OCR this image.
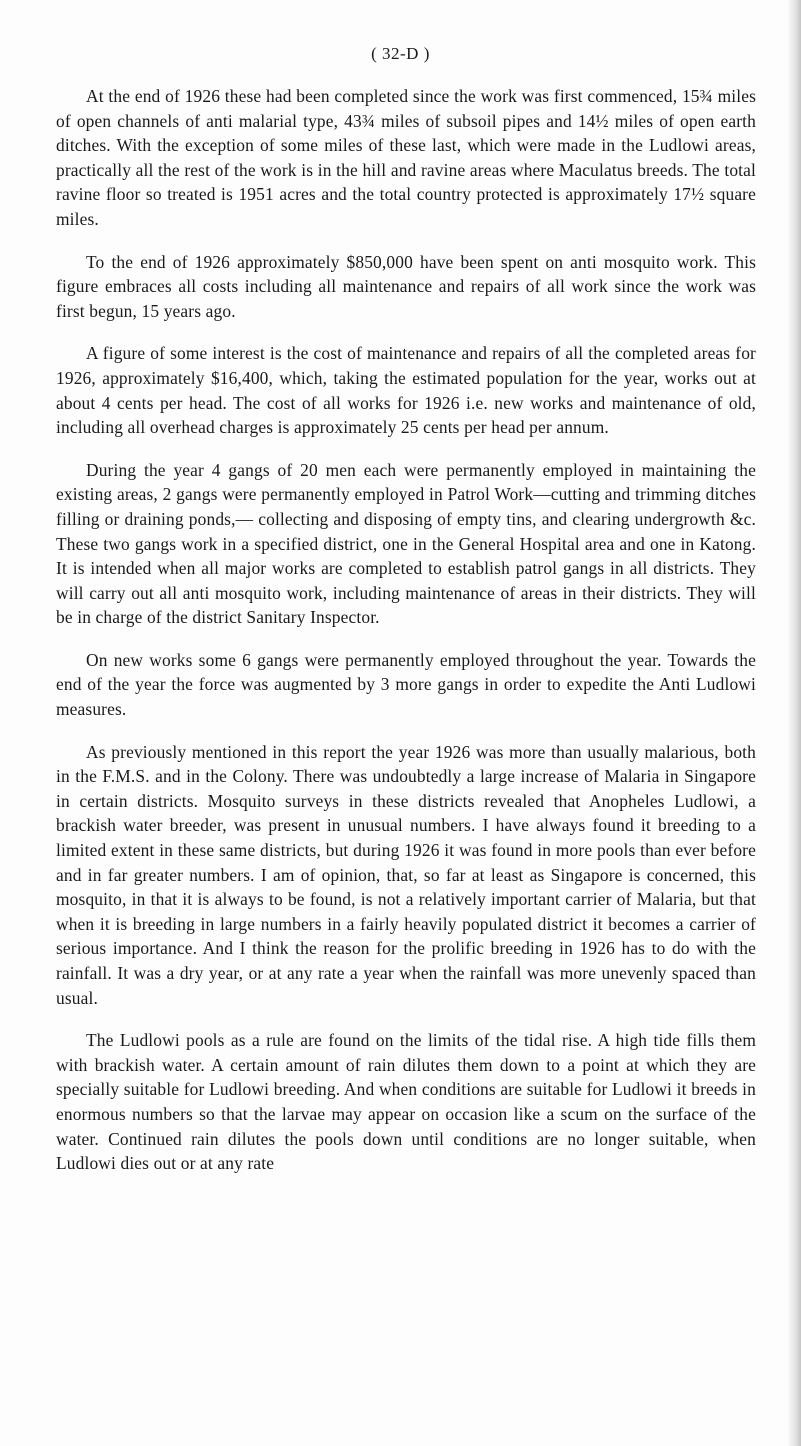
( 32-D )

At the end of 1926 these had been completed since the work was first commenced, 15¾ miles of open channels of anti malarial type, 43¾ miles of subsoil pipes and 14½ miles of open earth ditches. With the exception of some miles of these last, which were made in the Ludlowi areas, practically all the rest of the work is in the hill and ravine areas where Maculatus breeds. The total ravine floor so treated is 1951 acres and the total country protected is approximately 17½ square miles.

To the end of 1926 approximately $850,000 have been spent on anti mosquito work. This figure embraces all costs including all maintenance and repairs of all work since the work was first begun, 15 years ago.

A figure of some interest is the cost of maintenance and repairs of all the completed areas for 1926, approximately $16,400, which, taking the estimated population for the year, works out at about 4 cents per head. The cost of all works for 1926 i.e. new works and maintenance of old, including all overhead charges is approximately 25 cents per head per annum.

During the year 4 gangs of 20 men each were permanently employed in maintaining the existing areas, 2 gangs were permanently employed in Patrol Work—cutting and trimming ditches filling or draining ponds,— collecting and disposing of empty tins, and clearing undergrowth &c. These two gangs work in a specified district, one in the General Hospital area and one in Katong. It is intended when all major works are completed to establish patrol gangs in all districts. They will carry out all anti mosquito work, including maintenance of areas in their districts. They will be in charge of the district Sanitary Inspector.

On new works some 6 gangs were permanently employed throughout the year. Towards the end of the year the force was augmented by 3 more gangs in order to expedite the Anti Ludlowi measures.

As previously mentioned in this report the year 1926 was more than usually malarious, both in the F.M.S. and in the Colony. There was undoubtedly a large increase of Malaria in Singapore in certain districts. Mosquito surveys in these districts revealed that Anopheles Ludlowi, a brackish water breeder, was present in unusual numbers. I have always found it breeding to a limited extent in these same districts, but during 1926 it was found in more pools than ever before and in far greater numbers. I am of opinion, that, so far at least as Singapore is concerned, this mosquito, in that it is always to be found, is not a relatively important carrier of Malaria, but that when it is breeding in large numbers in a fairly heavily populated district it becomes a carrier of serious importance. And I think the reason for the prolific breeding in 1926 has to do with the rainfall. It was a dry year, or at any rate a year when the rainfall was more unevenly spaced than usual.

The Ludlowi pools as a rule are found on the limits of the tidal rise. A high tide fills them with brackish water. A certain amount of rain dilutes them down to a point at which they are specially suitable for Ludlowi breeding. And when conditions are suitable for Ludlowi it breeds in enormous numbers so that the larvae may appear on occasion like a scum on the surface of the water. Continued rain dilutes the pools down until conditions are no longer suitable, when Ludlowi dies out or at any rate
